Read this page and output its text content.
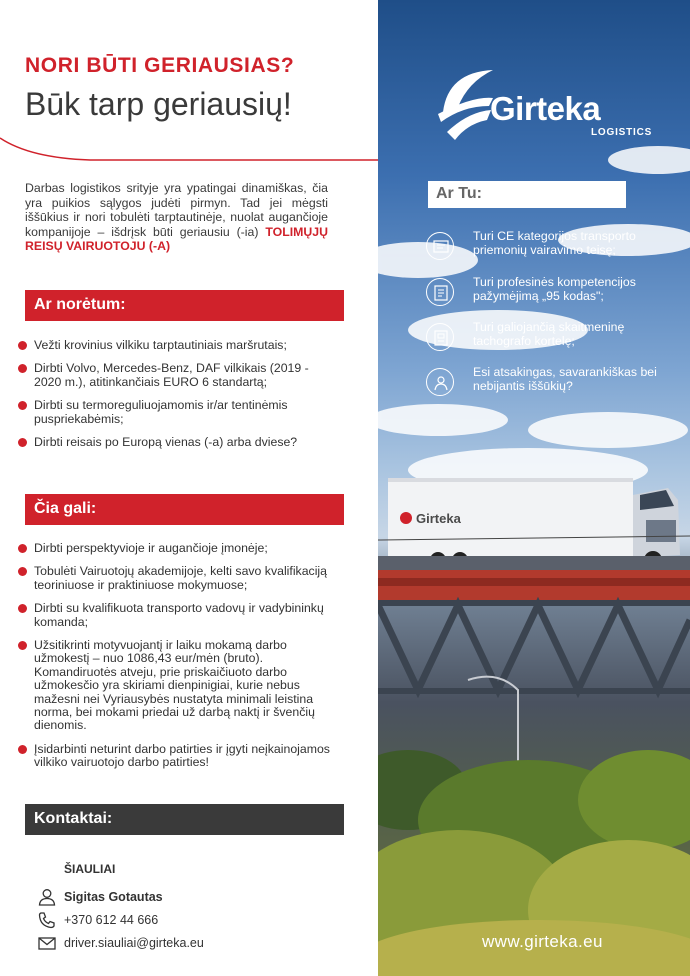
NORI BŪTI GERIAUSIAS?
Būk tarp geriausių!

Darbas logistikos srityje yra ypatingai dinamiškas, čia yra puikios sąlygos judėti pirmyn. Tad jei mėgsti iššūkius ir nori tobulėti tarptautinėje, nuolat augančioje kompanijoje – išdrįsk būti geriausiu (-ia) TOLIMŲJŲ REISŲ VAIRUOTOJU (-A)

Ar norėtum:
Vežti krovinius vilkiku tarptautiniais maršrutais;
Dirbti Volvo, Mercedes-Benz, DAF vilkikais (2019 - 2020 m.), atitinkančiais EURO 6 standartą;
Dirbti su termoreguliuojamomis ir/ar tentinėmis puspriekabėmis;
Dirbti reisais po Europą vienas (-a) arba dviese?
Čia gali:
Dirbti perspektyvioje ir augančioje įmonėje;
Tobulėti Vairuotojų akademijoje, kelti savo kvalifikaciją teoriniuose ir praktiniuose mokymuose;
Dirbti su kvalifikuota transporto vadovų ir vadybininkų komanda;
Užsitikrinti motyvuojantį ir laiku mokamą darbo užmokestį – nuo 1086,43 eur/mėn (bruto). Komandiruotės atveju, prie priskaičiuoto darbo užmokesčio yra skiriami dienpinigiai, kurie nebus mažesni nei Vyriausybės nustatyta minimali leistina norma, bei mokami priedai už darbą naktį ir švenčių dienomis.
Įsidarbinti neturint darbo patirties ir įgyti neįkainojamos vilkiko vairuotojo darbo patirties!
Kontaktai:
ŠIAULIAI
Sigitas Gotautas
+370 612 44 666
driver.siauliai@girteka.eu
Girteka
Girteka
LOGISTICS
Ar Tu:
Turi CE kategorijos transporto priemonių vairavimo teisę;
Turi profesinės kompetencijos pažymėjimą „95 kodas";
Turi galiojančią skaitmeninę tachografo kortelę;
Esi atsakingas, savarankiškas bei nebijantis iššūkių?
www.girteka.eu
